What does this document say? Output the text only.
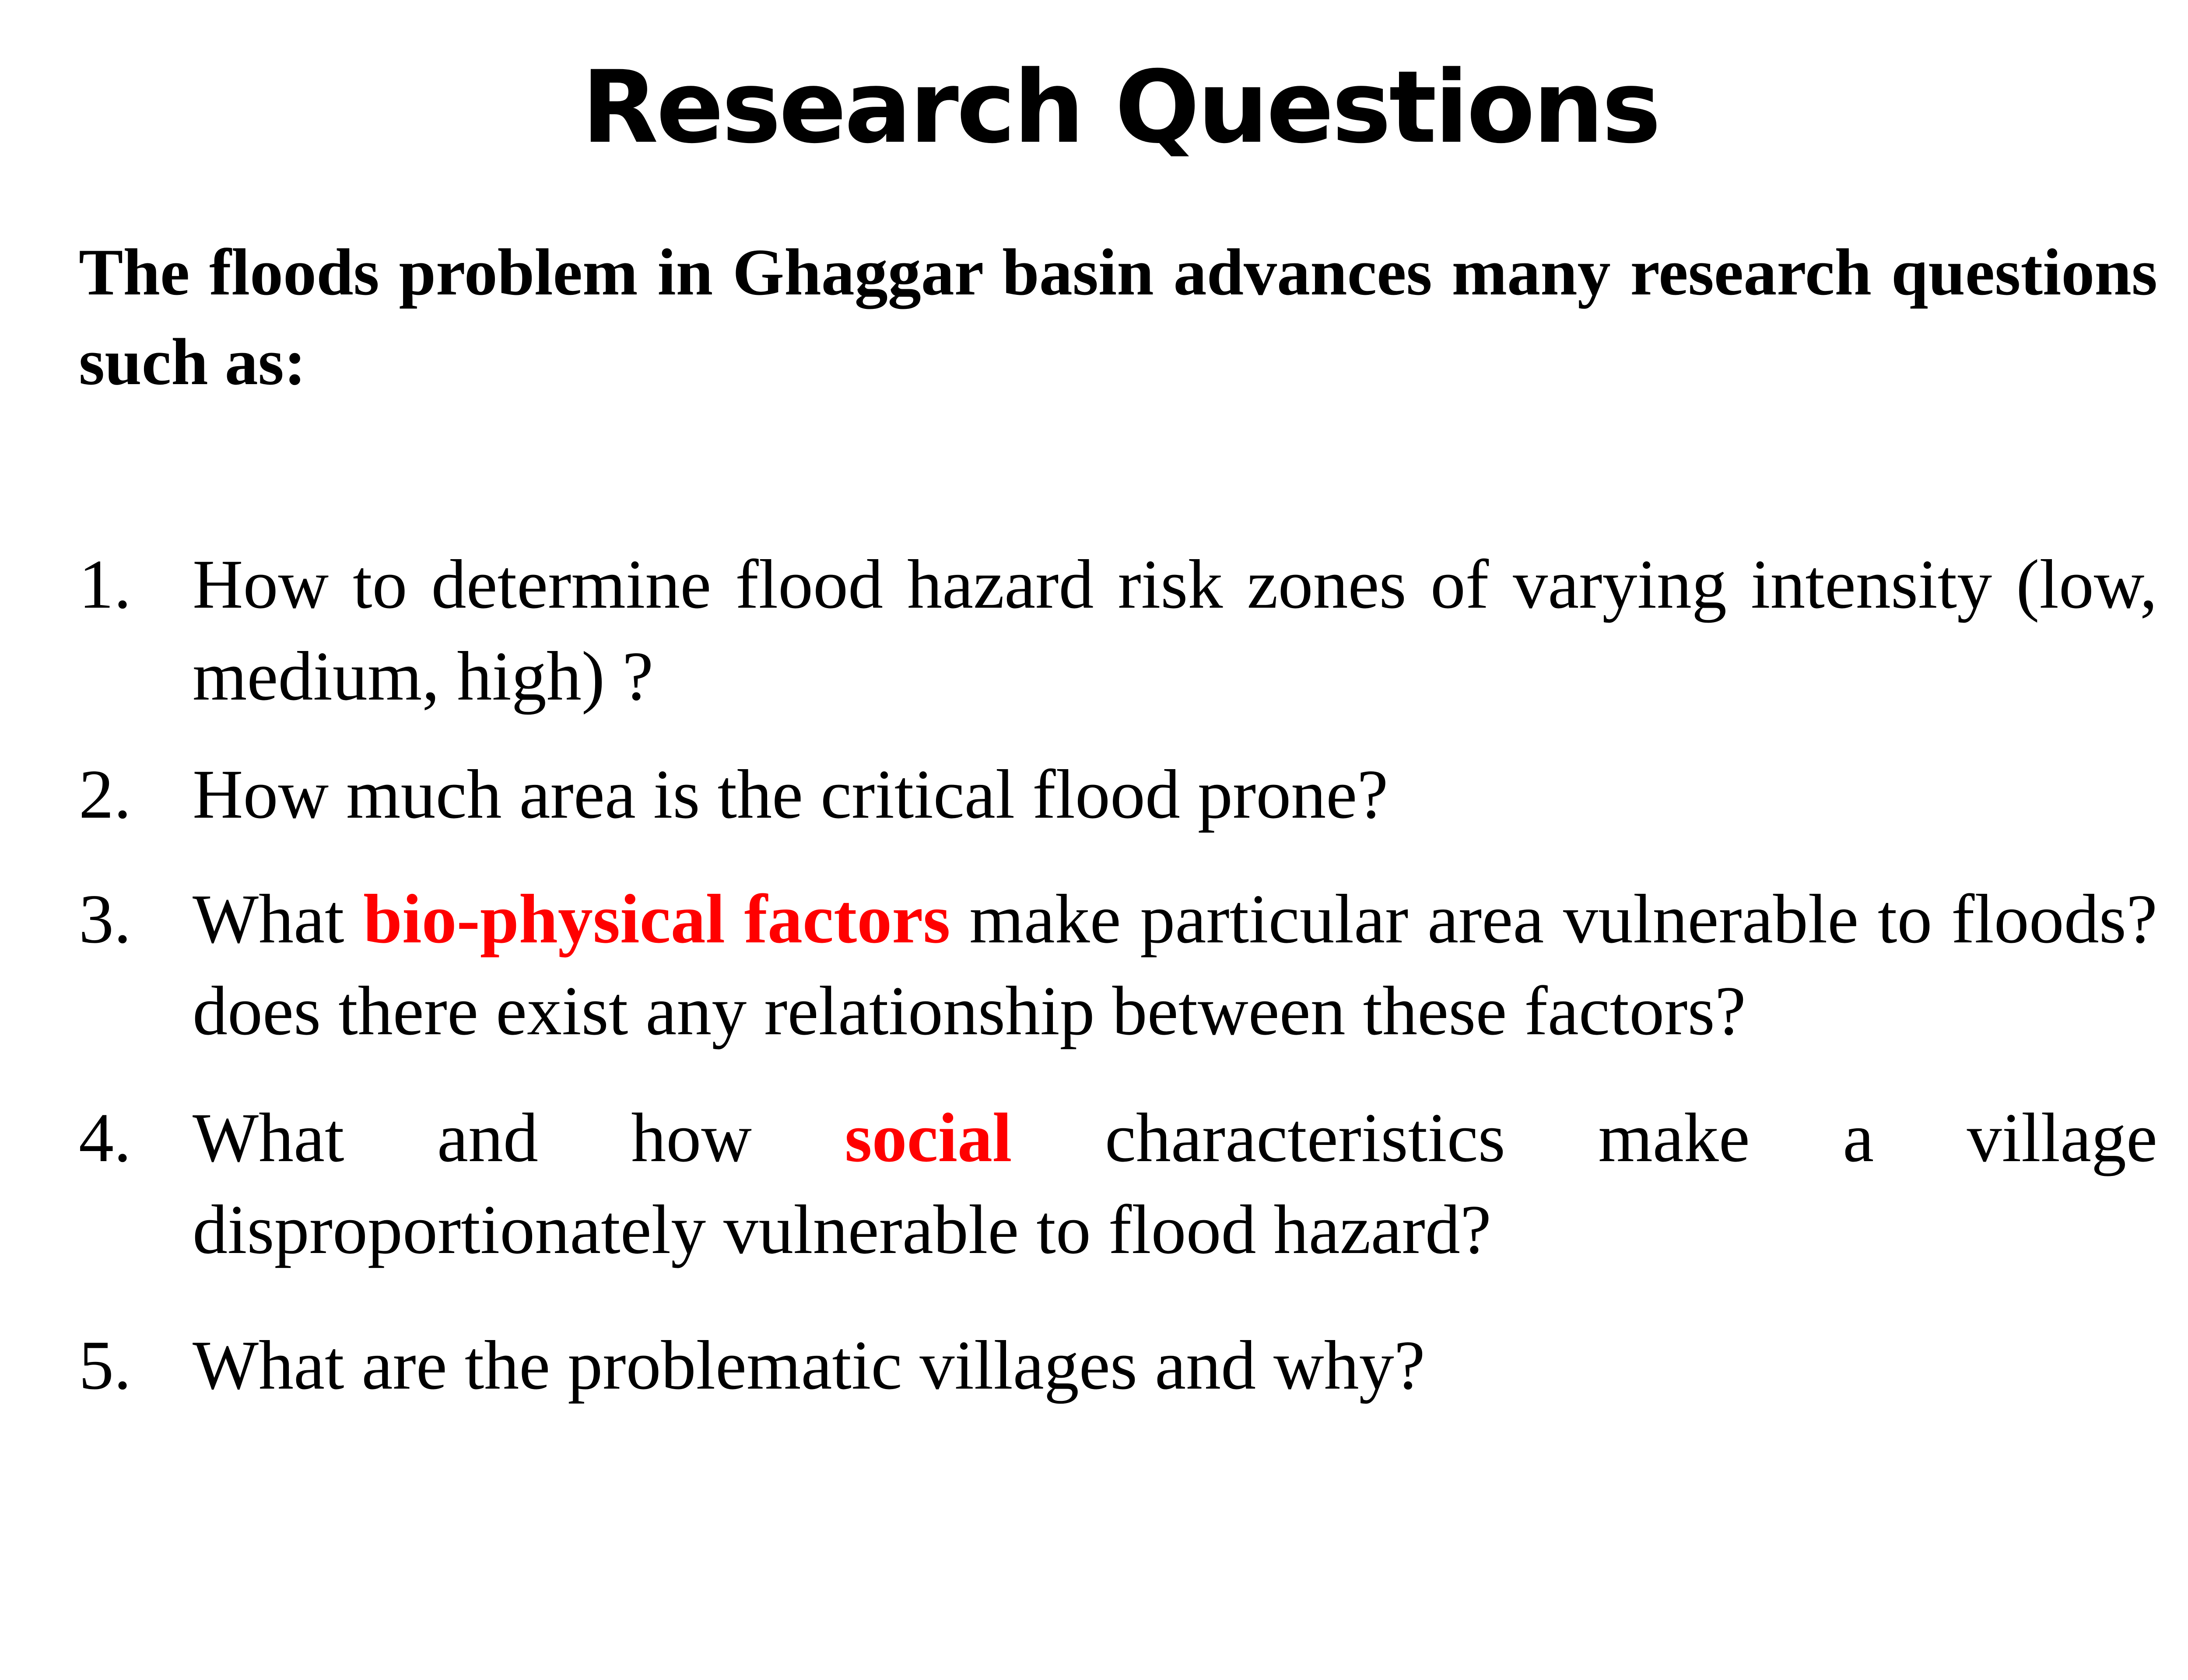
Research Questions

The floods problem in Ghaggar basin advances many research questions such as:

1. How to determine flood hazard risk zones of varying intensity (low, medium, high) ?
2. How much area is the critical flood prone?
3. What bio-physical factors make particular area vulnerable to floods? does there exist any relationship between these factors?
4. What and how social characteristics make a village disproportionately vulnerable to flood hazard?
5. What are the problematic villages and why?
